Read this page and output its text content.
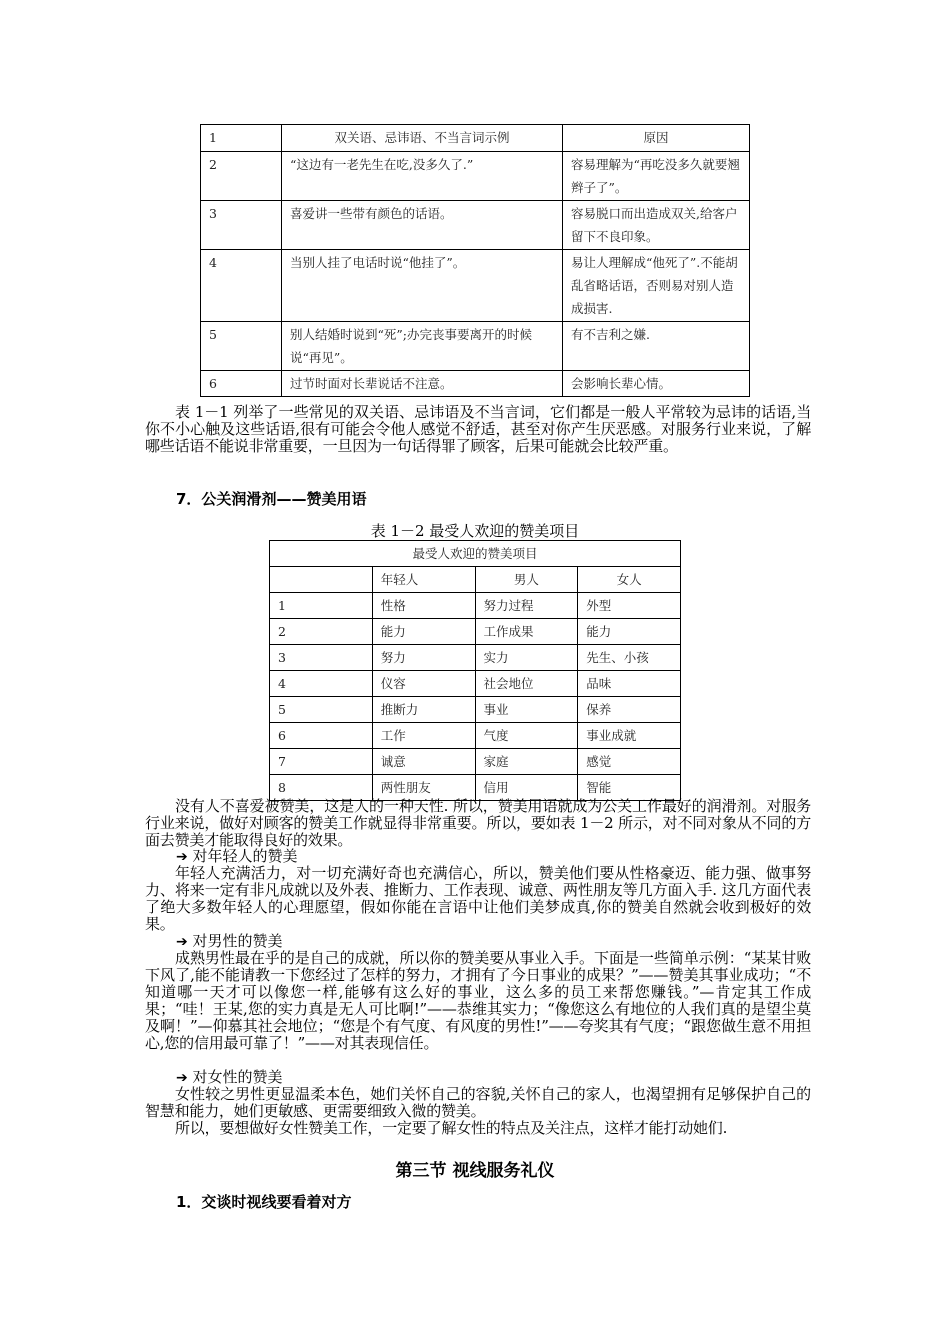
1	双关语、忌讳语、不当言词示例	原因
2	“这边有一老先生在吃,没多久了.”	容易理解为“再吃没多久就要翘辫子了”。
3	喜爱讲一些带有颜色的话语。	容易脱口而出造成双关,给客户留下不良印象。
4	当别人挂了电话时说“他挂了”。	易让人理解成“他死了”.不能胡乱省略话语，否则易对别人造成损害.
5	别人结婚时说到“死”;办完丧事要离开的时候说“再见”。	有不吉利之嫌.
6	过节时面对长辈说话不注意。	会影响长辈心情。

表 1－1 列举了一些常见的双关语、忌讳语及不当言词，它们都是一般人平常较为忌讳的话语,当你不小心触及这些话语,很有可能会令他人感觉不舒适，甚至对你产生厌恶感。对服务行业来说，了解哪些话语不能说非常重要，一旦因为一句话得罪了顾客，后果可能就会比较严重。

7．公关润滑剂——赞美用语
表 1－2 最受人欢迎的赞美项目
最受人欢迎的赞美项目			
	年轻人	男人	女人
1	性格	努力过程	外型
2	能力	工作成果	能力
3	努力	实力	先生、小孩
4	仪容	社会地位	品味
5	推断力	事业	保养
6	工作	气度	事业成就
7	诚意	家庭	感觉
8	两性朋友	信用	智能

没有人不喜爱被赞美，这是人的一种天性. 所以，赞美用语就成为公关工作最好的润滑剂。对服务行业来说，做好对顾客的赞美工作就显得非常重要。所以，要如表 1－2 所示，对不同对象从不同的方面去赞美才能取得良好的效果。

➔ 对年轻人的赞美

年轻人充满活力，对一切充满好奇也充满信心，所以，赞美他们要从性格豪迈、能力强、做事努力、将来一定有非凡成就以及外表、推断力、工作表现、诚意、两性朋友等几方面入手. 这几方面代表了绝大多数年轻人的心理愿望，假如你能在言语中让他们美梦成真,你的赞美自然就会收到极好的效果。

➔ 对男性的赞美

成熟男性最在乎的是自己的成就，所以你的赞美要从事业入手。下面是一些简单示例：“某某甘败下风了,能不能请教一下您经过了怎样的努力，才拥有了今日事业的成果？”——赞美其事业成功；“不知道哪一天才可以像您一样,能够有这么好的事业，这么多的员工来帮您赚钱。”—肯定其工作成果；“哇！王某,您的实力真是无人可比啊!”——恭维其实力；“像您这么有地位的人我们真的是望尘莫及啊！”—仰慕其社会地位；“您是个有气度、有风度的男性!”——夸奖其有气度；“跟您做生意不用担心,您的信用最可靠了！”——对其表现信任。

➔ 对女性的赞美

女性较之男性更显温柔本色，她们关怀自己的容貌,关怀自己的家人，也渴望拥有足够保护自己的智慧和能力，她们更敏感、更需要细致入微的赞美。

所以，要想做好女性赞美工作，一定要了解女性的特点及关注点，这样才能打动她们.

第三节 视线服务礼仪
1．交谈时视线要看着对方
